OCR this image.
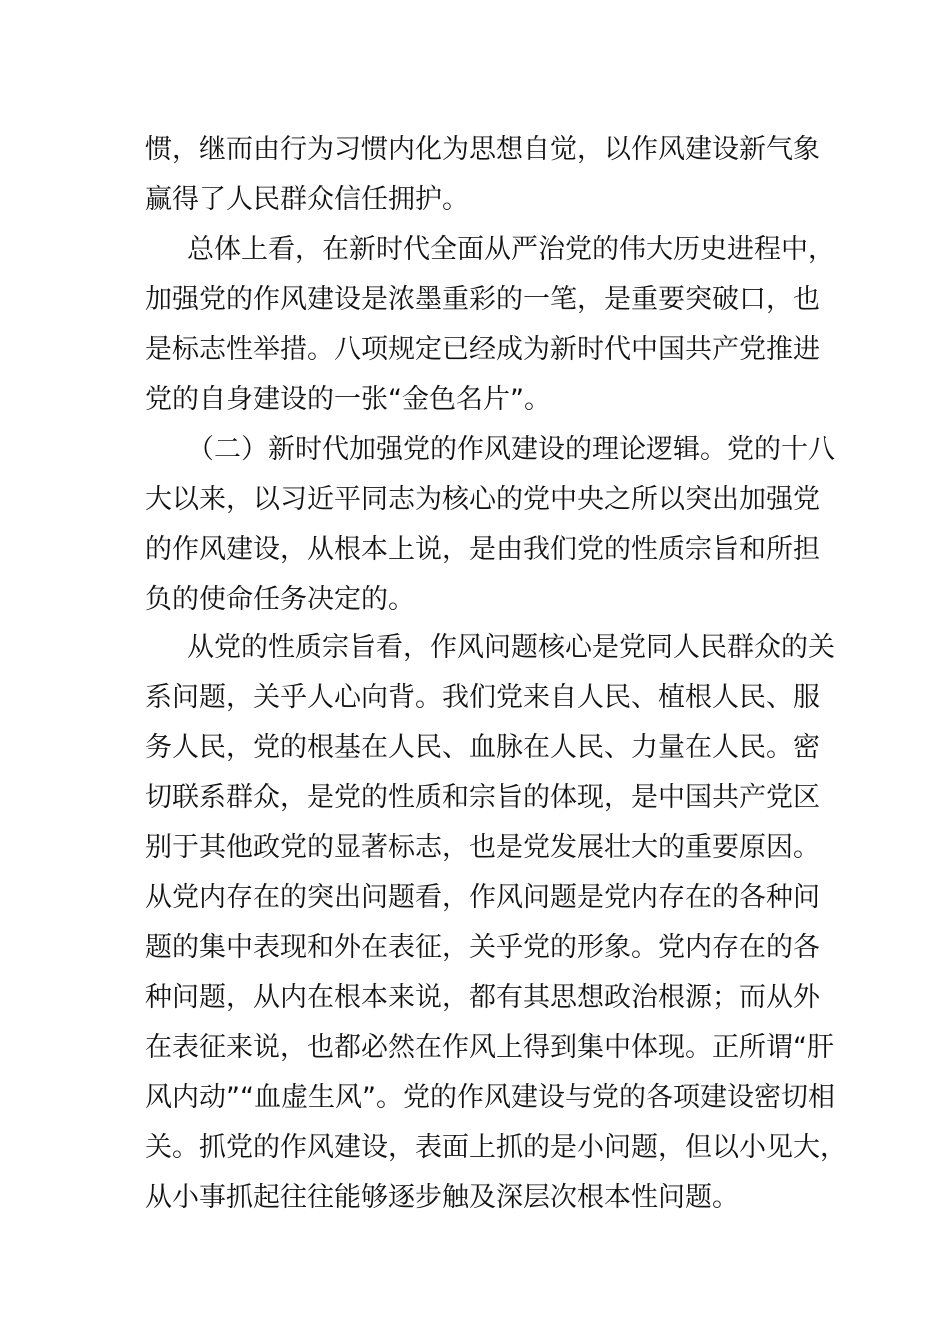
惯，继而由行为习惯内化为思想自觉，以作风建设新气象
赢得了人民群众信任拥护。
总体上看，在新时代全面从严治党的伟大历史进程中，
加强党的作风建设是浓墨重彩的一笔，是重要突破口，也
是标志性举措。八项规定已经成为新时代中国共产党推进
党的自身建设的一张“金色名片”。
（二）新时代加强党的作风建设的理论逻辑。党的十八
大以来，以习近平同志为核心的党中央之所以突出加强党
的作风建设，从根本上说，是由我们党的性质宗旨和所担
负的使命任务决定的。
从党的性质宗旨看，作风问题核心是党同人民群众的关
系问题，关乎人心向背。我们党来自人民、植根人民、服
务人民，党的根基在人民、血脉在人民、力量在人民。密
切联系群众，是党的性质和宗旨的体现，是中国共产党区
别于其他政党的显著标志，也是党发展壮大的重要原因。
从党内存在的突出问题看，作风问题是党内存在的各种问
题的集中表现和外在表征，关乎党的形象。党内存在的各
种问题，从内在根本来说，都有其思想政治根源；而从外
在表征来说，也都必然在作风上得到集中体现。正所谓“肝
风内动”“血虚生风”。党的作风建设与党的各项建设密切相
关。抓党的作风建设，表面上抓的是小问题，但以小见大，
从小事抓起往往能够逐步触及深层次根本性问题。
